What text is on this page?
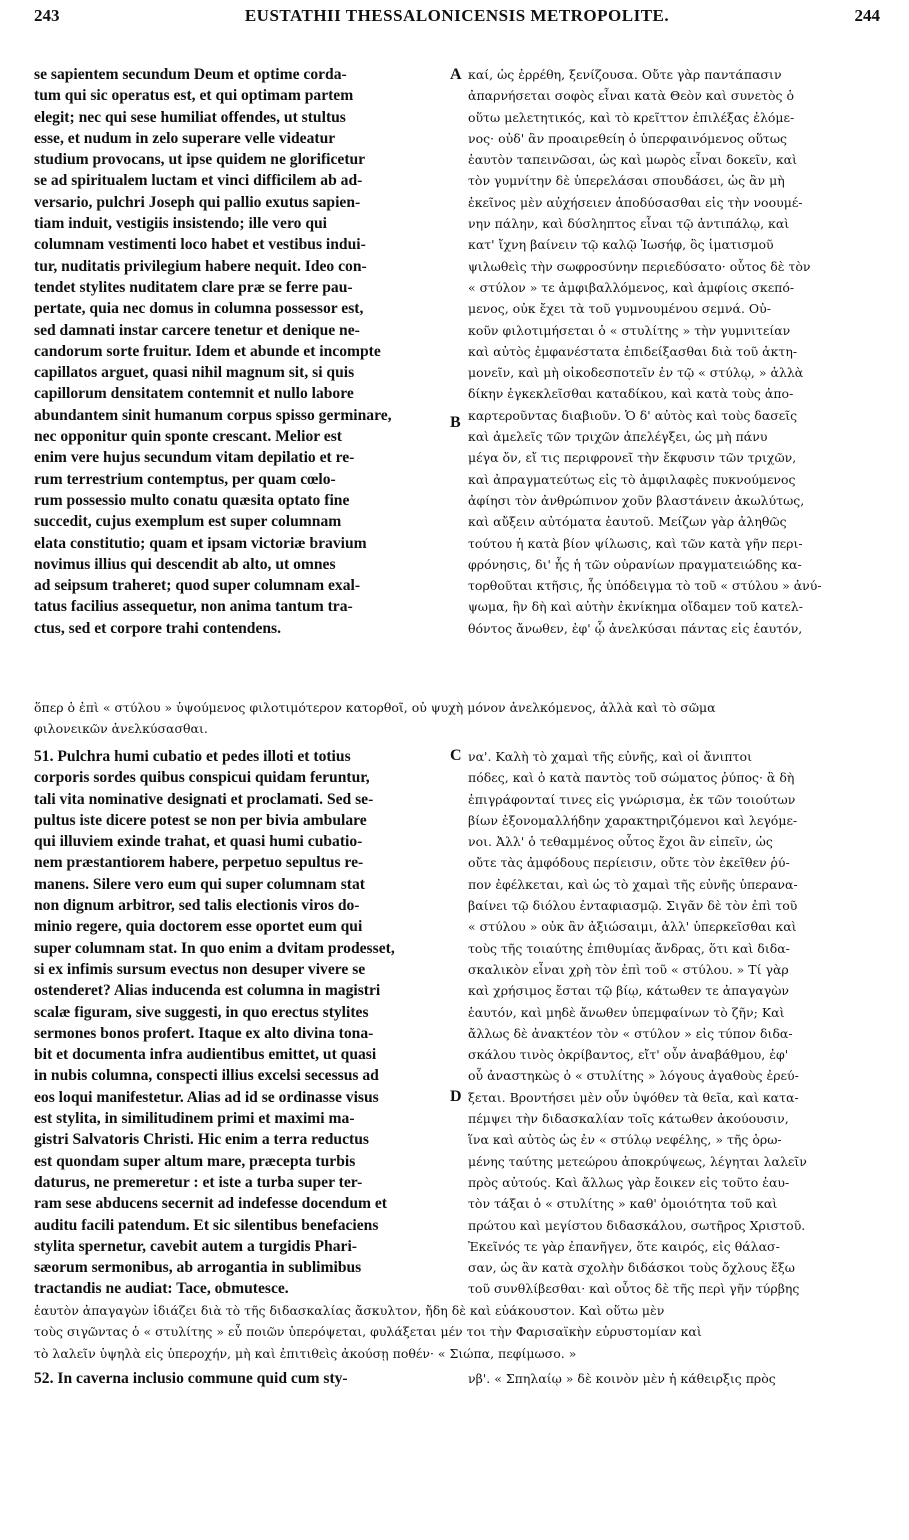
243	EUSTATHII THESSALONICENSIS METROPOLITE.	244
A
B
C
D
se sapientem secundum Deum et optime corda-
tum qui sic operatus est, et qui optimam partem
elegit; nec qui sese humiliat offendes, ut stultus
esse, et nudum in zelo superare velle videatur
studium provocans, ut ipse quidem ne glorificetur
se ad spiritualem luctam et vinci difficilem ab ad-
versario, pulchri Joseph qui pallio exutus sapien-
tiam induit, vestigiis insistendo; ille vero qui
columnam vestimenti loco habet et vestibus indui-
tur, nuditatis privilegium habere nequit. Ideo con-
tendet stylites nuditatem clare præ se ferre pau-
pertate, quia nec domus in columna possessor est,
sed damnati instar carcere tenetur et denique ne-
candorum sorte fruitur. Idem et abunde et incompte
capillatos arguet, quasi nihil magnum sit, si quis
capillorum densitatem contemnit et nullo labore
abundantem sinit humanum corpus spisso germinare,
nec opponitur quin sponte crescant. Melior est
enim vere hujus secundum vitam depilatio et re-
rum terrestrium contemptus, per quam cœlo-
rum possessio multo conatu quæsita optato fine
succedit, cujus exemplum est super columnam
elata constitutio; quam et ipsam victoriæ bravium
novimus illius qui descendit ab alto, ut omnes
ad seipsum traheret; quod super columnam exal-
tatus facilius assequetur, non anima tantum tra-
ctus, sed et corpore trahi contendens.
καί, ὡς ἐρρέθη, ξενίζουσα. Οὔτε γὰρ παντάπασιν
ἀπαρνήσεται σοφὸς εἶναι κατὰ Θεὸν καὶ συνετὸς ὁ
οὕτω μελετητικός, καὶ τὸ κρεῖττον ἐπιλέξας ἐλόμε-
νος· οὐδ' ἂν προαιρεθείη ὁ ὑπερφαινόμενος οὕτως
ἑαυτὸν ταπεινῶσαι, ὡς καὶ μωρὸς εἶναι δοκεῖν, καὶ
τὸν γυμνίτην δὲ ὑπερελάσαι σπουδάσει, ὡς ἂν μὴ
ἐκεῖνος μὲν αὐχήσειεν ἀποδύσασθαι εἰς τὴν νοουμέ-
νην πάλην, καὶ δύσληπτος εἶναι τῷ ἀντιπάλῳ, καὶ
κατ' ἴχνη βαίνειν τῷ καλῷ Ἰωσήφ, ὃς ἱματισμοῦ
ψιλωθεὶς τὴν σωφροσύνην περιεδύσατο· οὗτος δὲ τὸν
« στύλον » τε ἀμφιβαλλόμενος, καὶ ἀμφίοις σκεπό-
μενος, οὐκ ἔχει τὰ τοῦ γυμνουμένου σεμνά. Οὐ-
κοῦν φιλοτιμήσεται ὁ « στυλίτης » τὴν γυμνιτείαν
καὶ αὐτὸς ἐμφανέστατα ἐπιδείξασθαι διὰ τοῦ ἀκτη-
μονεῖν, καὶ μὴ οἰκοδεσποτεῖν ἐν τῷ « στύλῳ, » ἀλλὰ
δίκην ἐγκεκλεῖσθαι καταδίκου, καὶ κατὰ τοὺς ἀπο-
καρτεροῦντας διαβιοῦν. Ὁ δ' αὐτὸς καὶ τοὺς δασεῖς
καὶ ἀμελεῖς τῶν τριχῶν ἀπελέγξει, ὡς μὴ πάνυ
μέγα ὄν, εἴ τις περιφρονεῖ τὴν ἔκφυσιν τῶν τριχῶν,
καὶ ἀπραγματεύτως εἰς τὸ ἀμφιλαφὲς πυκνούμενος
ἀφίησι τὸν ἀνθρώπινον χοῦν βλαστάνειν ἀκωλύτως,
καὶ αὔξειν αὐτόματα ἑαυτοῦ. Μείζων γὰρ ἀληθῶς
τούτου ἡ κατὰ βίον ψίλωσις, καὶ τῶν κατὰ γῆν περι-
φρόνησις, δι' ἧς ἡ τῶν οὐρανίων πραγματειώδης κα-
τορθοῦται κτῆσις, ἧς ὑπόδειγμα τὸ τοῦ « στύλου » ἀνύ-
ψωμα, ἣν δὴ καὶ αὐτὴν ἐκνίκημα οἴδαμεν τοῦ κατελ-
θόντος ἄνωθεν, ἐφ' ᾧ ἀνελκύσαι πάντας εἰς ἑαυτόν,
ὅπερ ὁ ἐπὶ « στύλου » ὑψούμενος φιλοτιμότερον κατορθοῖ, οὐ ψυχὴ μόνον ἀνελκόμενος, ἀλλὰ καὶ τὸ σῶμα
φιλονεικῶν ἀνελκύσασθαι.
51. Pulchra humi cubatio et pedes illoti et totius
corporis sordes quibus conspicui quidam feruntur,
tali vita nominative designati et proclamati. Sed se-
pultus iste dicere potest se non per bivia ambulare
qui illuviem exinde trahat, et quasi humi cubatio-
nem præstantiorem habere, perpetuo sepultus re-
manens. Silere vero eum qui super columnam stat
non dignum arbitror, sed talis electionis viros do-
minio regere, quia doctorem esse oportet eum qui
super columnam stat. In quo enim a dvitam prodesset,
si ex infimis sursum evectus non desuper vivere se
ostenderet? Alias inducenda est columna in magistri
scalæ figuram, sive suggesti, in quo erectus stylites
sermones bonos profert. Itaque ex alto divina tona-
bit et documenta infra audientibus emittet, ut quasi
in nubis columna, conspecti illius excelsi secessus ad
eos loqui manifestetur. Alias ad id se ordinasse visus
est stylita, in similitudinem primi et maximi ma-
gistri Salvatoris Christi. Hic enim a terra reductus
est quondam super altum mare, præcepta turbis
daturus, ne premeretur : et iste a turba super ter-
ram sese abducens secernit ad indefesse docendum et
auditu facili patendum. Et sic silentibus benefaciens
stylita spernetur, cavebit autem a turgidis Phari-
sæorum sermonibus, ab arrogantia in sublimibus
tractandis ne audiat: Tace, obmutesce.
να'. Καλὴ τὸ χαμαὶ τῆς εὐνῆς, καὶ οἱ ἄνιπτοι
πόδες, καὶ ὁ κατὰ παντὸς τοῦ σώματος ῥύπος· ἃ δὴ
ἐπιγράφονταί τινες εἰς γνώρισμα, ἐκ τῶν τοιούτων
βίων ἐξονομαλλήδην χαρακτηριζόμενοι καὶ λεγόμε-
νοι. Ἀλλ' ὁ τεθαμμένος οὗτος ἔχοι ἂν εἰπεῖν, ὡς
οὔτε τὰς ἀμφόδους περίεισιν, οὔτε τὸν ἐκεῖθεν ῥύ-
πον ἐφέλκεται, καὶ ὡς τὸ χαμαὶ τῆς εὐνῆς ὑπερανα-
βαίνει τῷ διόλου ἐνταφιασμῷ. Σιγᾶν δὲ τὸν ἐπὶ τοῦ
« στύλου » οὐκ ἂν ἀξιώσαιμι, ἀλλ' ὑπερκεῖσθαι καὶ
τοὺς τῆς τοιαύτης ἐπιθυμίας ἄνδρας, ὅτι καὶ διδα-
σκαλικὸν εἶναι χρὴ τὸν ἐπὶ τοῦ « στύλου. » Τί γὰρ
καὶ χρήσιμος ἔσται τῷ βίῳ, κάτωθεν τε ἀπαγαγὼν
ἑαυτόν, καὶ μηδὲ ἄνωθεν ὑπεμφαίνων τὸ ζῆν; Καὶ
ἄλλως δὲ ἀνακτέον τὸν « στύλον » εἰς τύπον διδα-
σκάλου τινὸς ὀκρίβαντος, εἴτ' οὖν ἀναβάθμου, ἐφ'
οὗ ἀναστηκὼς ὁ « στυλίτης » λόγους ἀγαθοὺς ἐρεύ-
ξεται. Βροντήσει μὲν οὖν ὑψόθεν τὰ θεῖα, καὶ κατα-
πέμψει τὴν διδασκαλίαν τοῖς κάτωθεν ἀκούουσιν,
ἵνα καὶ αὐτὸς ὡς ἐν « στύλῳ νεφέλης, » τῆς ὁρω-
μένης ταύτης μετεώρου ἀποκρύψεως, λέγηται λαλεῖν
πρὸς αὐτούς. Καὶ ἄλλως γὰρ ἔοικεν εἰς τοῦτο ἑαυ-
τὸν τάξαι ὁ « στυλίτης » καθ' ὁμοιότητα τοῦ καὶ
πρώτου καὶ μεγίστου διδασκάλου, σωτῆρος Χριστοῦ.
Ἐκεῖνός τε γὰρ ἐπανῆγεν, ὅτε καιρός, εἰς θάλασ-
σαν, ὡς ἂν κατὰ σχολὴν διδάσκοι τοὺς ὄχλους ἔξω
τοῦ συνθλίβεσθαι· καὶ οὗτος δὲ τῆς περὶ γῆν τύρβης
ἑαυτὸν ἀπαγαγὼν ἰδιάζει διὰ τὸ τῆς διδασκαλίας ἄσκυλτον, ἤδη δὲ καὶ εὐάκουστον. Καὶ οὕτω μὲν
τοὺς σιγῶντας ὁ « στυλίτης » εὖ ποιῶν ὑπερόψεται, φυλάξεται μέν τοι τὴν Φαρισαϊκὴν εὐρυστομίαν καὶ
τὸ λαλεῖν ὑψηλὰ εἰς ὑπεροχήν, μὴ καὶ ἐπιτιθεὶς ἀκούσῃ ποθέν· « Σιώπα, πεφίμωσο. »
52. In caverna inclusio commune quid cum sty-	νβ'. « Σπηλαίῳ » δὲ κοινὸν μὲν ἡ κάθειρξις πρὸς
